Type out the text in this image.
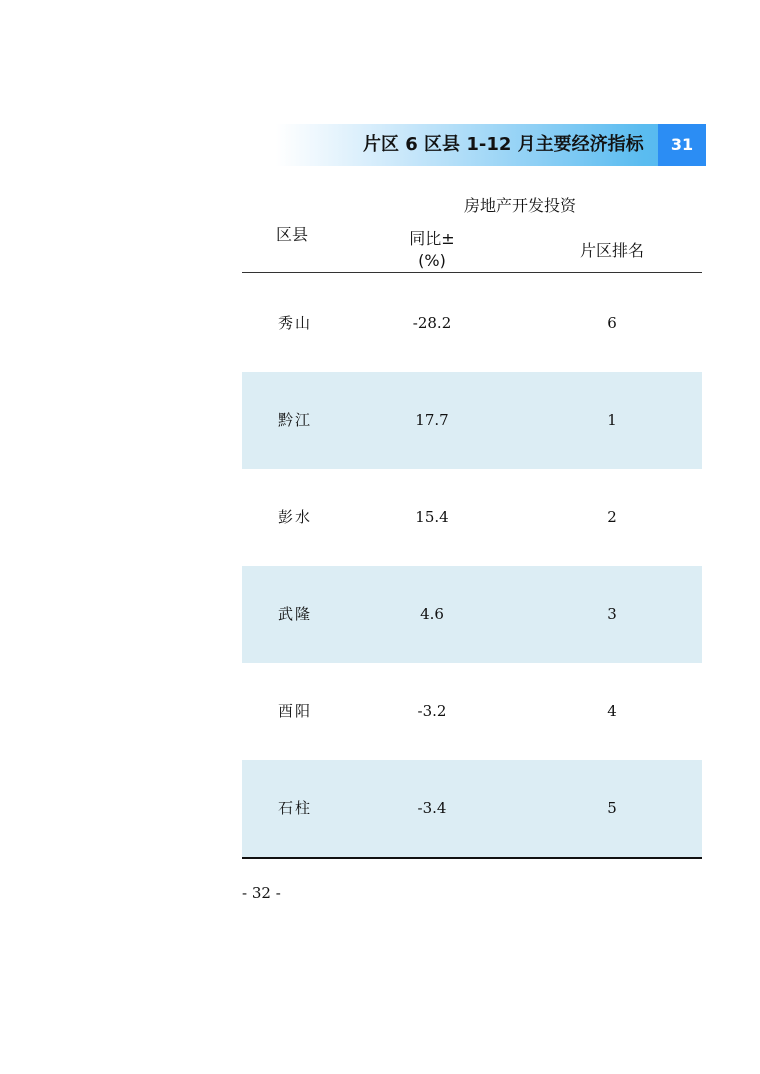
片区 6 区县 1-12 月主要经济指标	31
区县
房地产开发投资
同比±
(%)
片区排名
秀山	-28.2	6
黔江	17.7	1
彭水	15.4	2
武隆	4.6	3
酉阳	-3.2	4
石柱	-3.4	5
- 32 -
